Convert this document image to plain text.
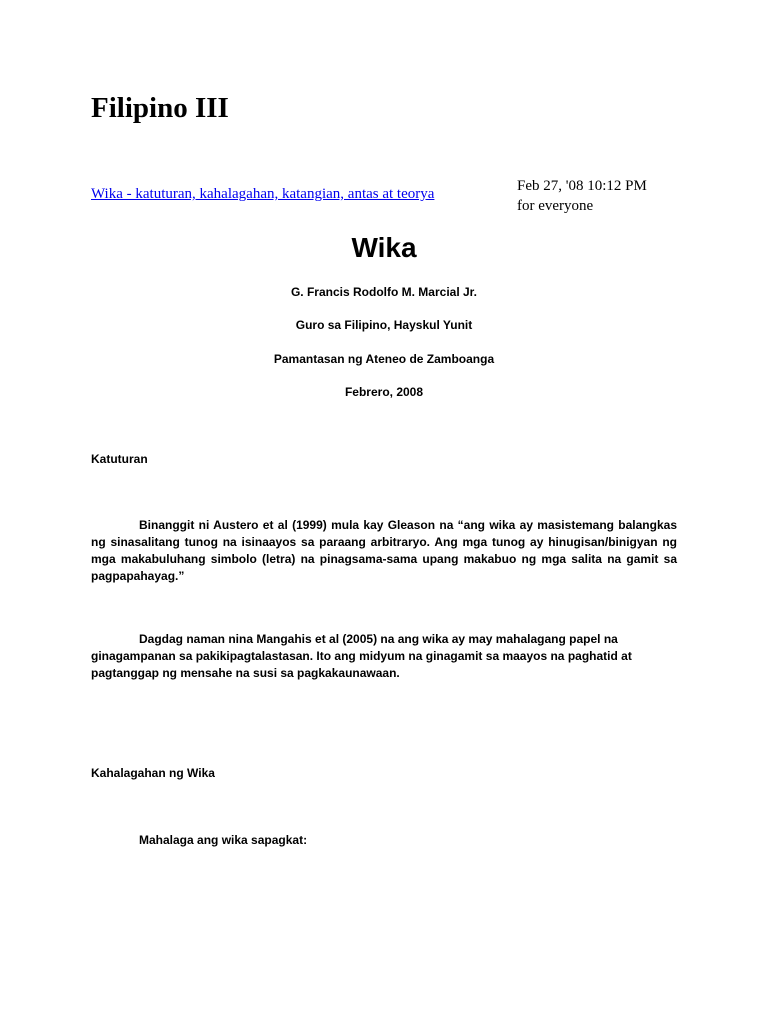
Filipino III
Wika - katuturan, kahalagahan, katangian, antas at teorya	Feb 27, '08 10:12 PM
for everyone
Wika
G. Francis Rodolfo M. Marcial Jr.
Guro sa Filipino, Hayskul Yunit
Pamantasan ng Ateneo de Zamboanga
Febrero, 2008
Katuturan

Binanggit ni Austero et al (1999) mula kay Gleason na “ang wika ay masistemang balangkas ng sinasalitang tunog na isinaayos sa paraang arbitraryo. Ang mga tunog ay hinugisan/binigyan ng mga makabuluhang simbolo (letra) na pinagsama-sama upang makabuo ng mga salita na gamit sa pagpapahayag.”

Dagdag naman nina Mangahis et al (2005) na ang wika ay may mahalagang papel na ginagampanan sa pakikipagtalastasan. Ito ang midyum na ginagamit sa maayos na paghatid at pagtanggap ng mensahe na susi sa pagkakaunawaan.

Kahalagahan ng Wika
Mahalaga ang wika sapagkat:
